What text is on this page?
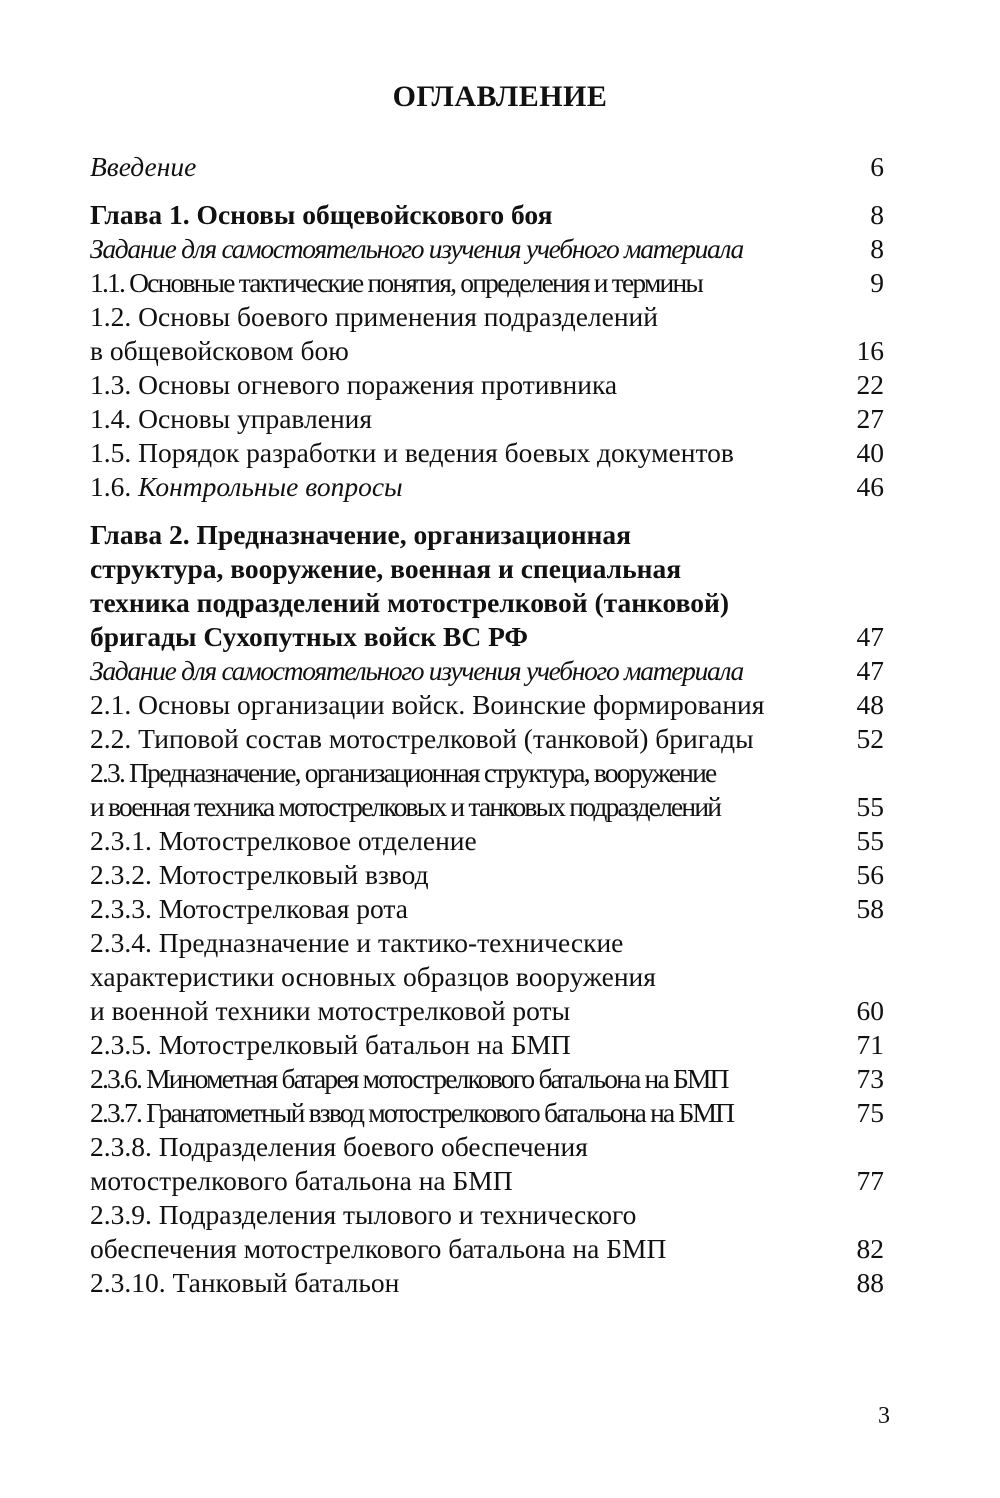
ОГЛАВЛЕНИЕ
Введение	6
Глава 1. Основы общевойскового боя	8
Задание для самостоятельного изучения учебного материала	8
1.1. Основные тактические понятия, определения и термины	9
1.2. Основы боевого применения подразделений
в общевойсковом бою	16
1.3. Основы огневого поражения противника	22
1.4. Основы управления	27
1.5. Порядок разработки и ведения боевых документов	40
1.6. Контрольные вопросы	46
Глава 2. Предназначение, организационная
структура, вооружение, военная и специальная
техника подразделений мотострелковой (танковой)
бригады Сухопутных войск ВС РФ	47
Задание для самостоятельного изучения учебного материала	47
2.1. Основы организации войск. Воинские формирования	48
2.2. Типовой состав мотострелковой (танковой) бригады	52
2.3. Предназначение, организационная структура, вооружение
и военная техника мотострелковых и танковых подразделений	55
2.3.1. Мотострелковое отделение	55
2.3.2. Мотострелковый взвод	56
2.3.3. Мотострелковая рота	58
2.3.4. Предназначение и тактико-технические
характеристики основных образцов вооружения
и военной техники мотострелковой роты	60
2.3.5. Мотострелковый батальон на БМП	71
2.3.6. Минометная батарея мотострелкового батальона на БМП	73
2.3.7. Гранатометный взвод мотострелкового батальона на БМП	75
2.3.8. Подразделения боевого обеспечения
мотострелкового батальона на БМП	77
2.3.9. Подразделения тылового и технического
обеспечения мотострелкового батальона на БМП	82
2.3.10. Танковый батальон	88
3
